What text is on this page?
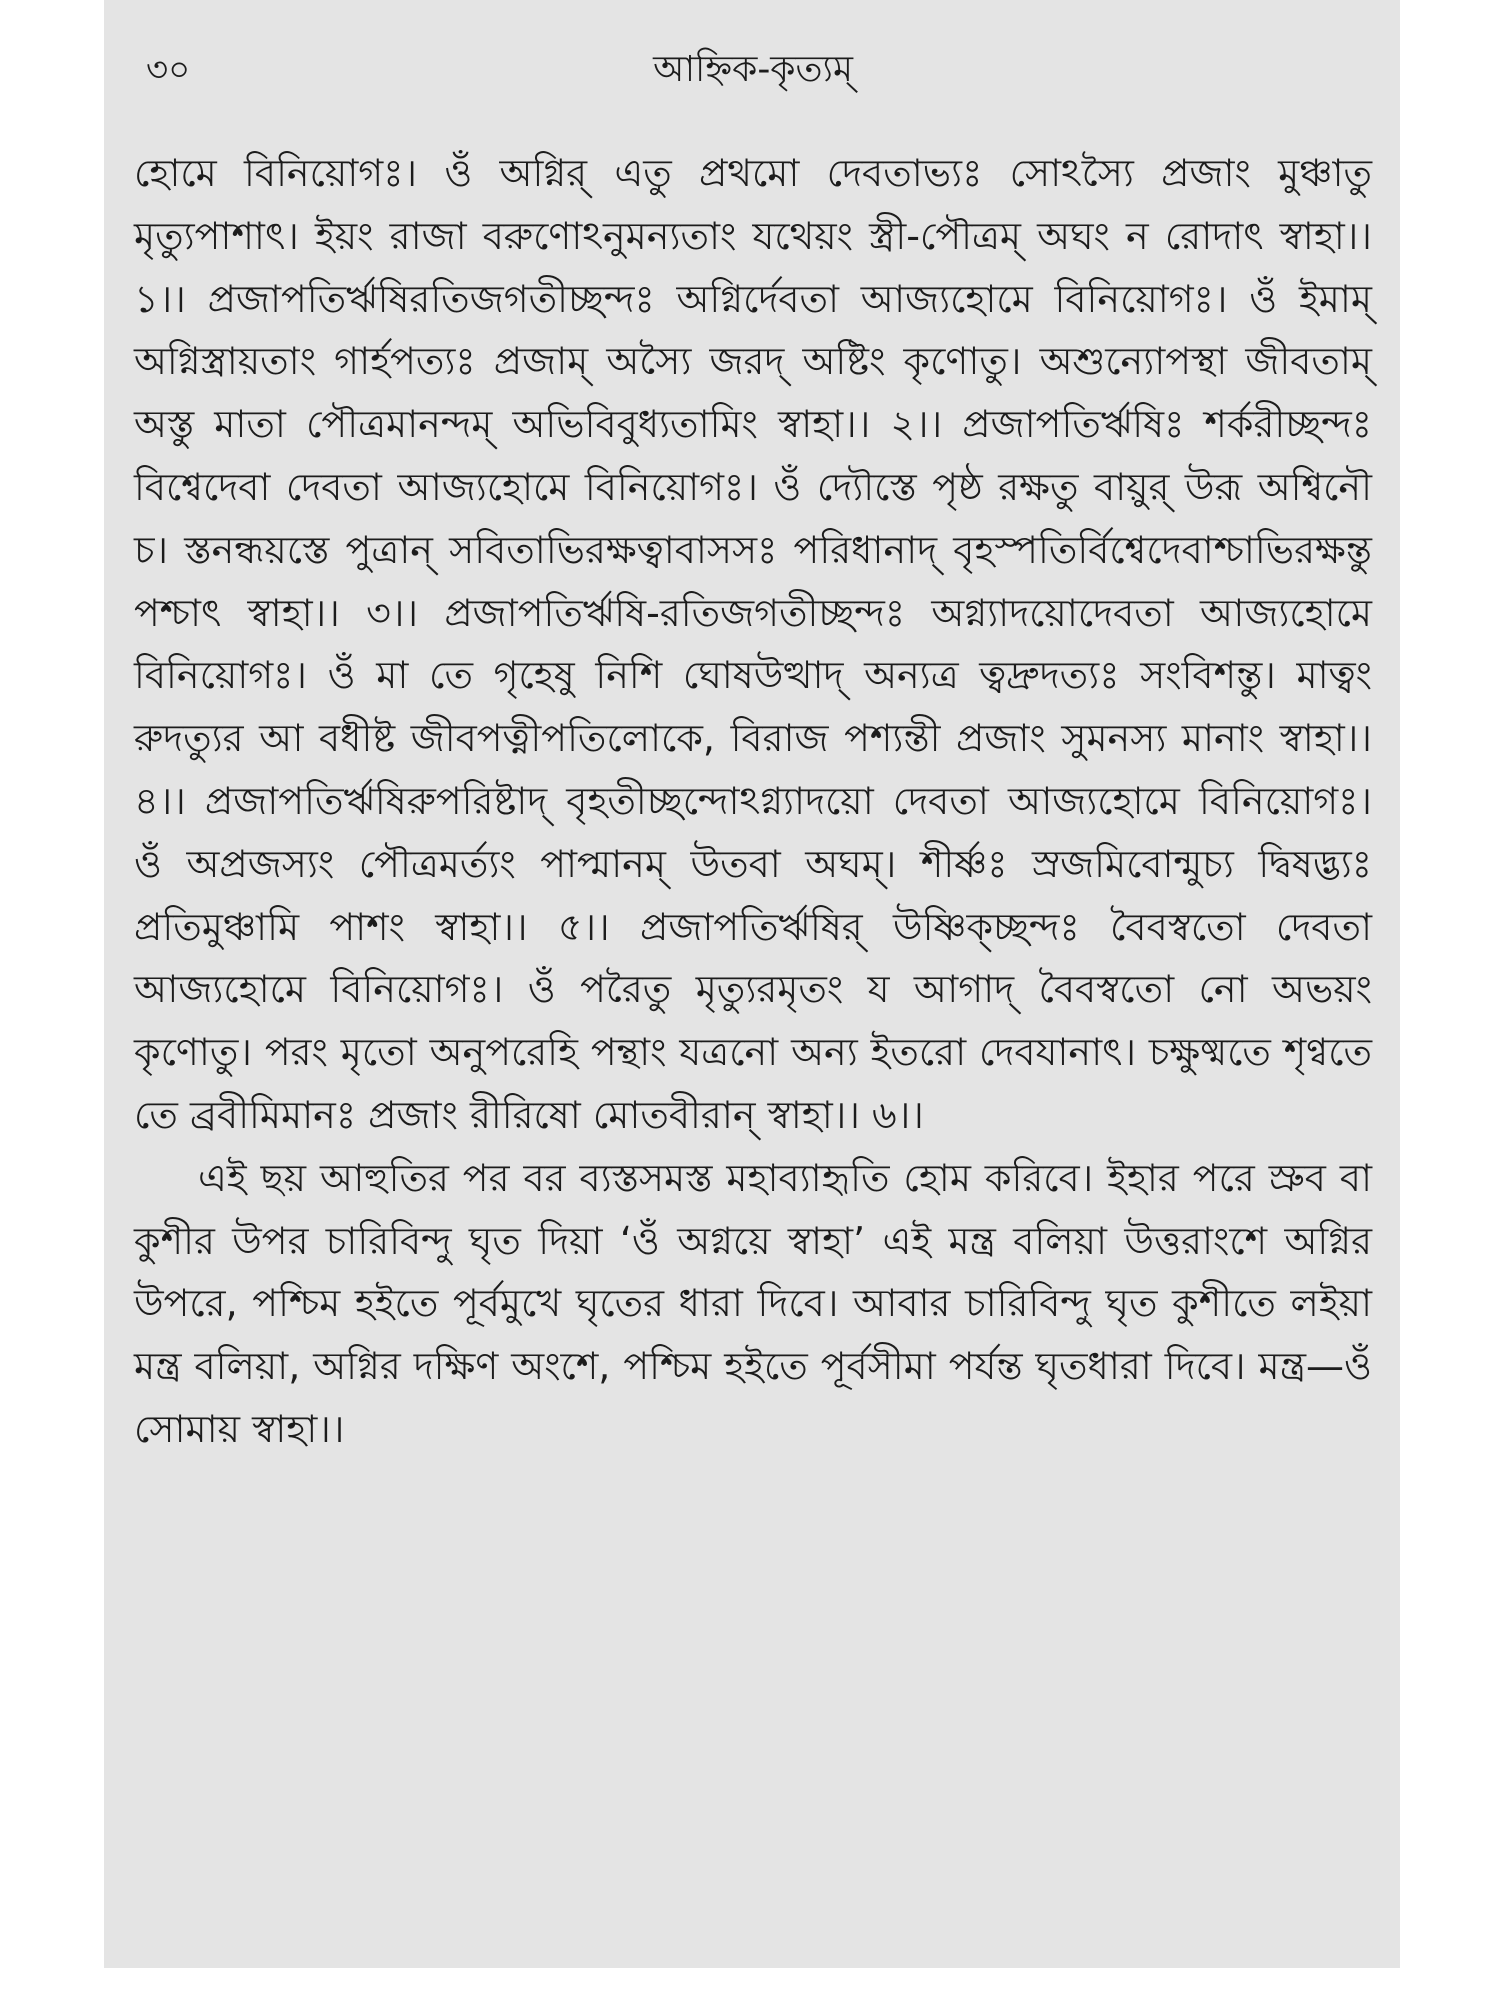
৩০	আহ্নিক-কৃত্যম্

হোমে বিনিয়োগঃ। ওঁ অগ্নির্ এতু প্রথমো দেবতাভ্যঃ সোঽস্যৈ প্রজাং মুঞ্চাতু মৃত্যুপাশাৎ। ইয়ং রাজা বরুণোঽনুমন্যতাং যথেয়ং স্ত্রী-পৌত্রম্ অঘং ন রোদাৎ স্বাহা।। ১।। প্রজাপতির্ঋষিরতিজগতীচ্ছন্দঃ অগ্নির্দেবতা আজ্যহোমে বিনিয়োগঃ। ওঁ ইমাম্ অগ্নিস্ত্রায়তাং গার্হপত্যঃ প্রজাম্ অস্যৈ জরদ্ অষ্টিং কৃণোতু। অশুন্যোপস্থা জীবতাম্ অস্তু মাতা পৌত্রমানন্দম্ অভিবিবুধ্যতামিং স্বাহা।। ২।। প্রজাপতির্ঋষিঃ শর্করীচ্ছন্দঃ বিশ্বেদেবা দেবতা আজ্যহোমে বিনিয়োগঃ। ওঁ দ্যৌস্তে পৃষ্ঠ রক্ষতু বায়ুর্ উরূ অশ্বিনৌ চ। স্তনন্ধয়স্তে পুত্রান্ সবিতাভিরক্ষত্বাবাসসঃ পরিধানাদ্ বৃহস্পতির্বিশ্বেদেবাশ্চাভিরক্ষন্তু পশ্চাৎ স্বাহা।। ৩।। প্রজাপতির্ঋষি-রতিজগতীচ্ছন্দঃ অগ্ন্যাদয়োদেবতা আজ্যহোমে বিনিয়োগঃ। ওঁ মা তে গৃহেষু নিশি ঘোষউত্থাদ্ অন্যত্র ত্বদ্রুদত্যঃ সংবিশন্তু। মাত্বং রুদত্যুর আ বধীষ্ট জীবপত্নীপতিলোকে, বিরাজ পশ্যন্তী প্রজাং সুমনস্য মানাং স্বাহা।। ৪।। প্রজাপতির্ঋষিরুপরিষ্টাদ্ বৃহতীচ্ছন্দোঽগ্ন্যাদয়ো দেবতা আজ্যহোমে বিনিয়োগঃ। ওঁ অপ্রজস্যং পৌত্রমর্ত্যং পাপ্মানম্ উতবা অঘম্। শীর্ষ্ণঃ স্রজমিবোন্মুচ্য দ্বিষদ্ভ্যঃ প্রতিমুঞ্চামি পাশং স্বাহা।। ৫।। প্রজাপতির্ঋষির্ উষ্ণিক্চ্ছন্দঃ বৈবস্বতো দেবতা আজ্যহোমে বিনিয়োগঃ। ওঁ পরৈতু মৃত্যুরমৃতং য আগাদ্ বৈবস্বতো নো অভয়ং কৃণোতু। পরং মৃতো অনুপরেহি পন্থাং যত্রনো অন্য ইতরো দেবযানাৎ। চক্ষুষ্মতে শৃণ্বতে তে ব্রবীমিমানঃ প্রজাং রীরিষো মোতবীরান্ স্বাহা।। ৬।।

এই ছয় আহুতির পর বর ব্যস্তসমস্ত মহাব্যাহৃতি হোম করিবে। ইহার পরে স্রুব বা কুশীর উপর চারিবিন্দু ঘৃত দিয়া ‘ওঁ অগ্নয়ে স্বাহা’ এই মন্ত্র বলিয়া উত্তরাংশে অগ্নির উপরে, পশ্চিম হইতে পূর্বমুখে ঘৃতের ধারা দিবে। আবার চারিবিন্দু ঘৃত কুশীতে লইয়া মন্ত্র বলিয়া, অগ্নির দক্ষিণ অংশে, পশ্চিম হইতে পূর্বসীমা পর্যন্ত ঘৃতধারা দিবে। মন্ত্র—ওঁ সোমায় স্বাহা।।
